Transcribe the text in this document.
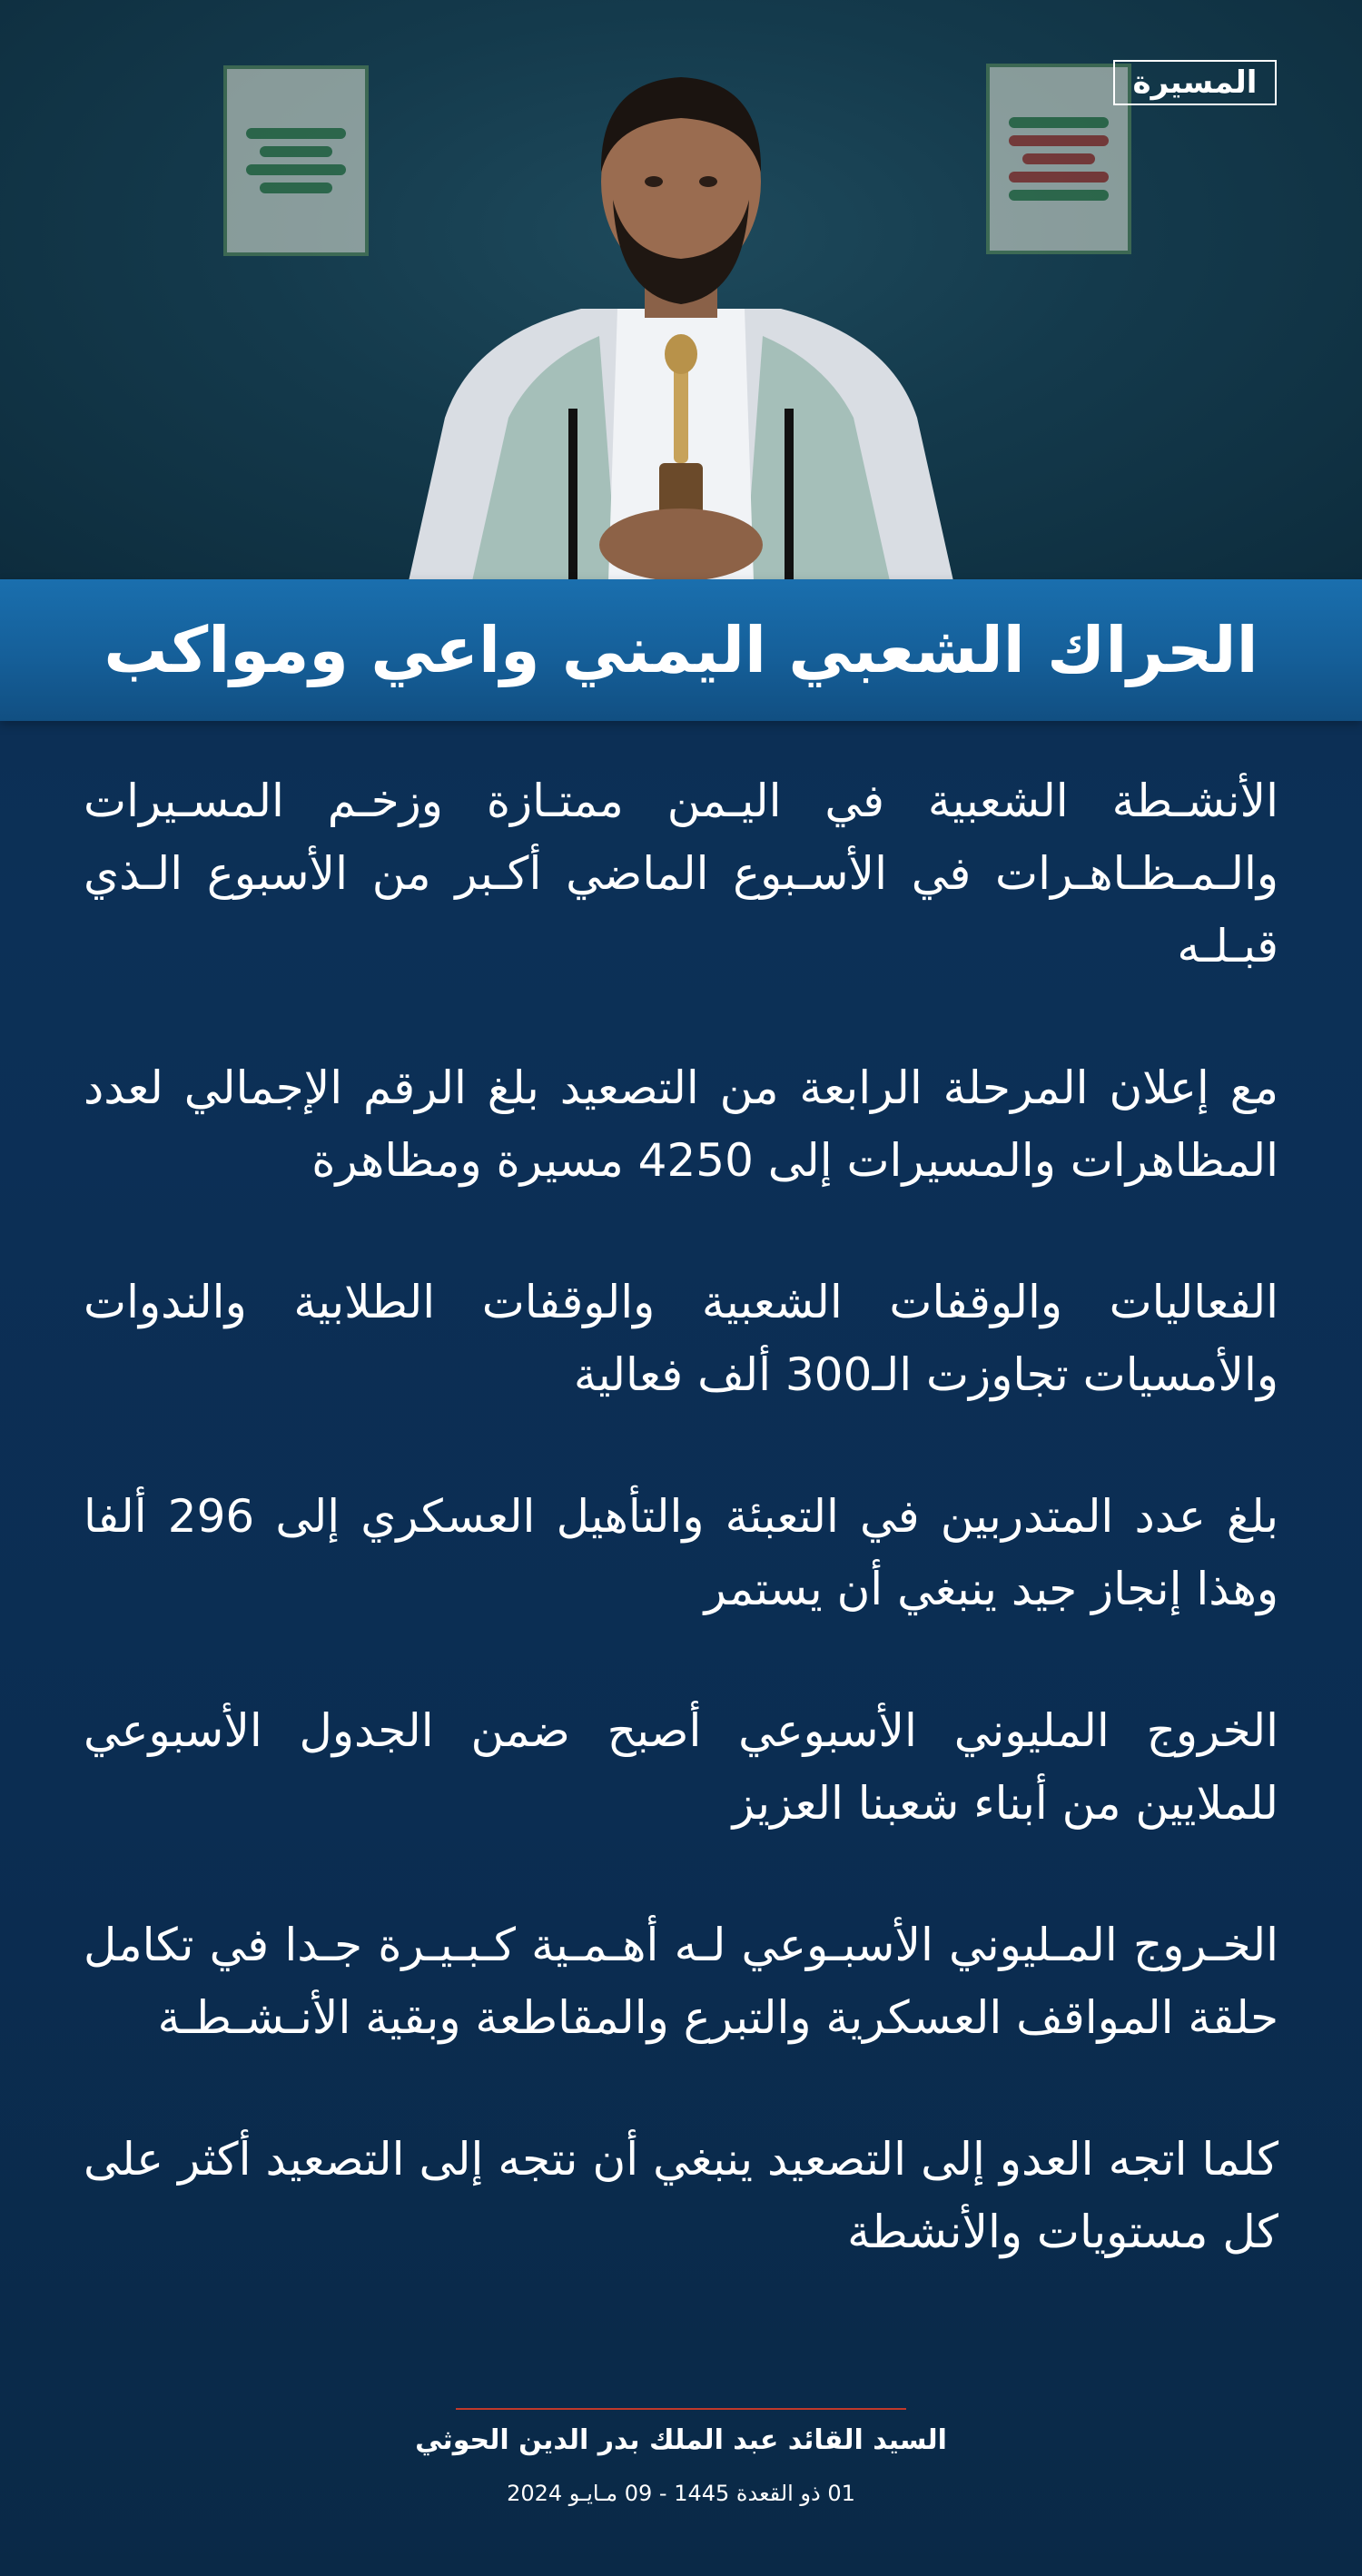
المسيرة
الحراك الشعبي اليمني واعي ومواكب

الأنشـطة الشعبية في اليـمن ممتـازة وزخـم المسـيرات والـمـظـاهـرات في الأسـبوع الماضي أكـبر من الأسبوع الـذي قبـلـه

مع إعلان المرحلة الرابعة من التصعيد بلغ الرقم الإجمالي لعدد المظاهرات والمسيرات إلى 4250 مسيرة ومظاهرة

الفعاليات والوقفات الشعبية والوقفات الطلابية والندوات والأمسيات تجاوزت الـ300 ألف فعالية

بلغ عدد المتدربين في التعبئة والتأهيل العسكري إلى 296 ألفا وهذا إنجاز جيد ينبغي أن يستمر

الخروج المليوني الأسبوعي أصبح ضمن الجدول الأسبوعي للملايين من أبناء شعبنا العزيز

الخـروج المـليوني الأسبـوعي لـه أهـمـية كـبـيـرة جـدا في تكامل حلقة المواقف العسكرية والتبرع والمقاطعة وبقية الأنـشـطـة

كلما اتجه العدو إلى التصعيد ينبغي أن نتجه إلى التصعيد أكثر على كل مستويات والأنشطة

السيد القائد عبد الملك بدر الدين الحوثي
01 ذو القعدة 1445 - 09 مـايـو 2024
